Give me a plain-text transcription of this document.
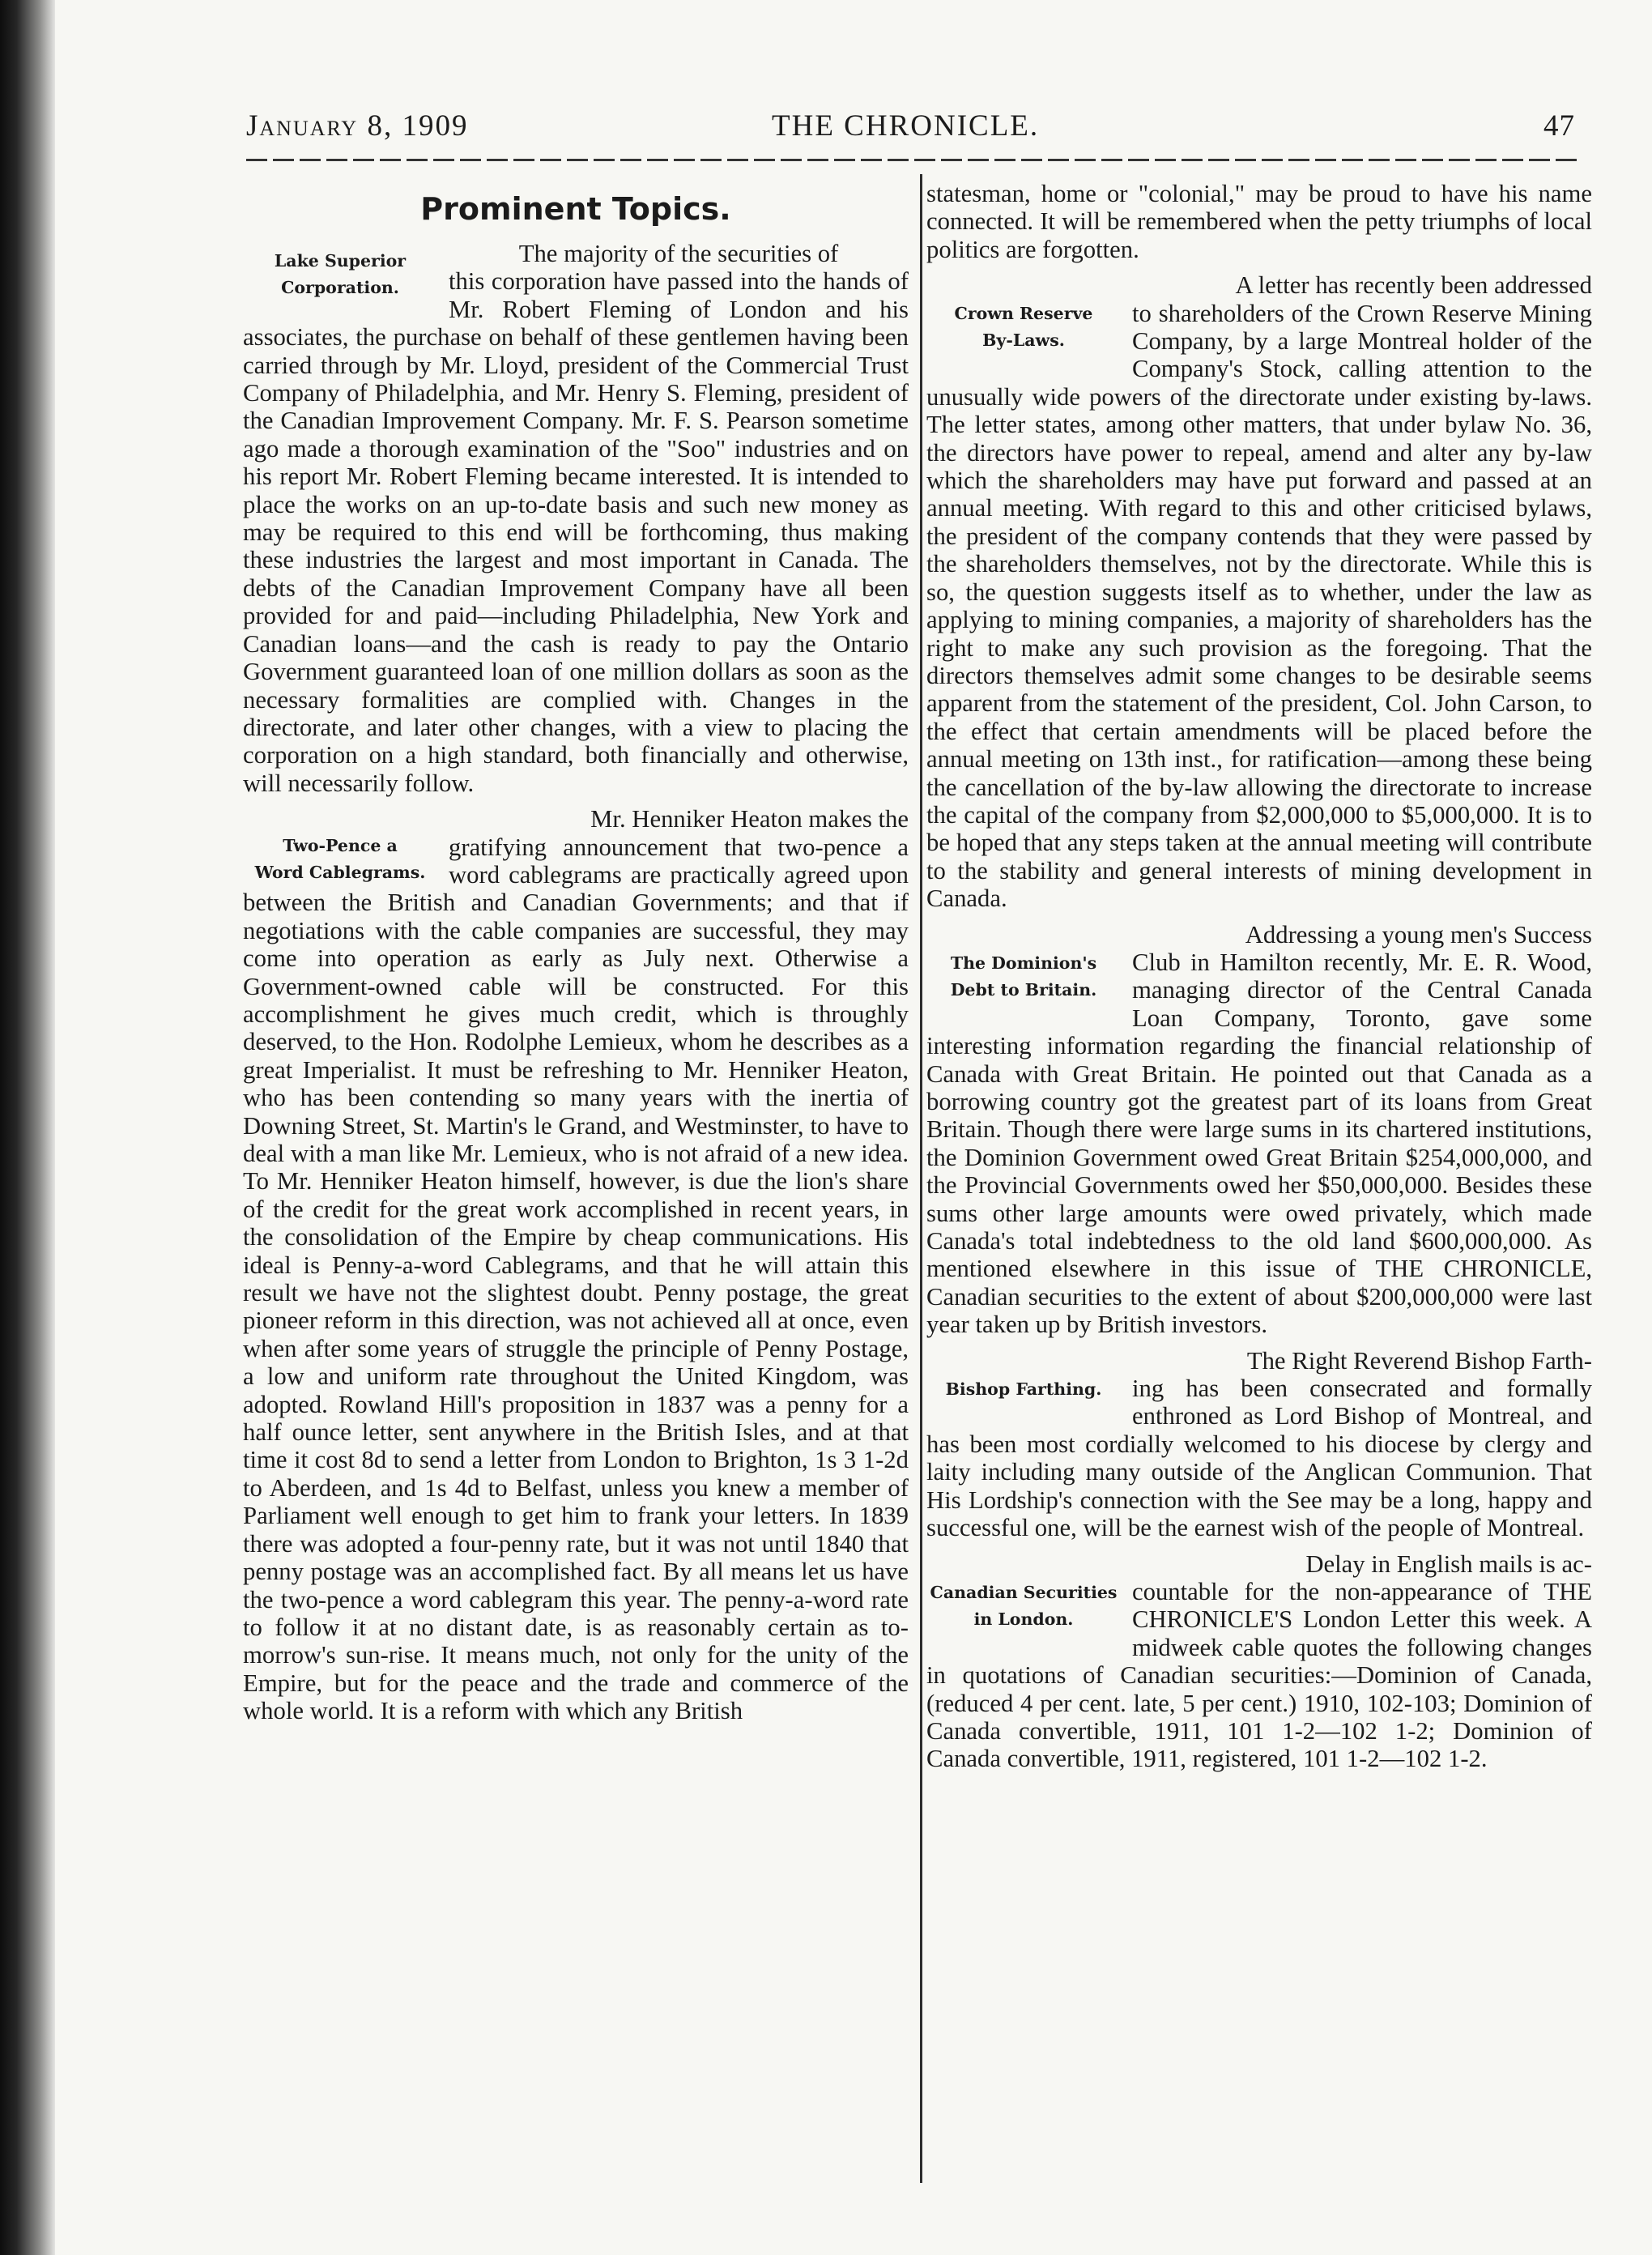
January 8, 1909	THE CHRONICLE.	47
Prominent Topics.
Lake Superior
Corporation.

The majority of the securities of
this corporation have passed into the hands of Mr. Robert Fleming of London and his associates, the purchase on behalf of these gentlemen having been carried through by Mr. Lloyd, president of the Commercial Trust Company of Philadelphia, and Mr. Henry S. Fleming, president of the Canadian Improvement Company. Mr. F. S. Pearson sometime ago made a thorough examination of the "Soo" industries and on his report Mr. Robert Fleming became interested. It is intended to place the works on an up-to-date basis and such new money as may be required to this end will be forthcoming, thus making these industries the largest and most important in Canada. The debts of the Canadian Improvement Company have all been provided for and paid—including Philadelphia, New York and Canadian loans—and the cash is ready to pay the Ontario Government guaranteed loan of one million dollars as soon as the necessary formalities are complied with. Changes in the directorate, and later other changes, with a view to placing the corporation on a high standard, both financially and otherwise, will necessarily follow.

Two-Pence a
Word Cablegrams.

Mr. Henniker Heaton makes the
gratifying announcement that two-pence a word cablegrams are practically agreed upon between the British and Canadian Governments; and that if negotiations with the cable companies are successful, they may come into operation as early as July next. Otherwise a Government-owned cable will be constructed. For this accomplishment he gives much credit, which is throughly deserved, to the Hon. Rodolphe Lemieux, whom he describes as a great Imperialist. It must be refreshing to Mr. Henniker Heaton, who has been contending so many years with the inertia of Downing Street, St. Martin's le Grand, and Westminster, to have to deal with a man like Mr. Lemieux, who is not afraid of a new idea. To Mr. Henniker Heaton himself, however, is due the lion's share of the credit for the great work accomplished in recent years, in the consolidation of the Empire by cheap communications. His ideal is Penny-a-word Cablegrams, and that he will attain this result we have not the slightest doubt. Penny postage, the great pioneer reform in this direction, was not achieved all at once, even when after some years of struggle the principle of Penny Postage, a low and uniform rate throughout the United Kingdom, was adopted. Rowland Hill's proposition in 1837 was a penny for a half ounce letter, sent anywhere in the British Isles, and at that time it cost 8d to send a letter from London to Brighton, 1s 3 1-2d to Aberdeen, and 1s 4d to Belfast, unless you knew a member of Parliament well enough to get him to frank your letters. In 1839 there was adopted a four-penny rate, but it was not until 1840 that penny postage was an accomplished fact. By all means let us have the two-pence a word cablegram this year. The penny-a-word rate to follow it at no distant date, is as reasonably certain as to-morrow's sun-rise. It means much, not only for the unity of the Empire, but for the peace and the trade and commerce of the whole world. It is a reform with which any British

statesman, home or "colonial," may be proud to have his name connected. It will be remembered when the petty triumphs of local politics are forgotten.

Crown Reserve
By-Laws.

A letter has recently been addressed
to shareholders of the Crown Reserve Mining Company, by a large Montreal holder of the Company's Stock, calling attention to the unusually wide powers of the directorate under existing by-laws. The letter states, among other matters, that under bylaw No. 36, the directors have power to repeal, amend and alter any by-law which the shareholders may have put forward and passed at an annual meeting. With regard to this and other criticised bylaws, the president of the company contends that they were passed by the shareholders themselves, not by the directorate. While this is so, the question suggests itself as to whether, under the law as applying to mining companies, a majority of shareholders has the right to make any such provision as the foregoing. That the directors themselves admit some changes to be desirable seems apparent from the statement of the president, Col. John Carson, to the effect that certain amendments will be placed before the annual meeting on 13th inst., for ratification—among these being the cancellation of the by-law allowing the directorate to increase the capital of the company from $2,000,000 to $5,000,000. It is to be hoped that any steps taken at the annual meeting will contribute to the stability and general interests of mining development in Canada.

The Dominion's
Debt to Britain.

Addressing a young men's Success
Club in Hamilton recently, Mr. E. R. Wood, managing director of the Central Canada Loan Company, Toronto, gave some interesting information regarding the financial relationship of Canada with Great Britain. He pointed out that Canada as a borrowing country got the greatest part of its loans from Great Britain. Though there were large sums in its chartered institutions, the Dominion Government owed Great Britain $254,000,000, and the Provincial Governments owed her $50,000,000. Besides these sums other large amounts were owed privately, which made Canada's total indebtedness to the old land $600,000,000. As mentioned elsewhere in this issue of THE CHRONICLE, Canadian securities to the extent of about $200,000,000 were last year taken up by British investors.

Bishop Farthing.

The Right Reverend Bishop Farth-
ing has been consecrated and formally enthroned as Lord Bishop of Montreal, and has been most cordially welcomed to his diocese by clergy and laity including many outside of the Anglican Communion. That His Lordship's connection with the See may be a long, happy and successful one, will be the earnest wish of the people of Montreal.

Canadian Securities
in London.

Delay in English mails is ac-
countable for the non-appearance of THE CHRONICLE'S London Letter this week. A midweek cable quotes the following changes in quotations of Canadian securities:—Dominion of Canada, (reduced 4 per cent. late, 5 per cent.) 1910, 102-103; Dominion of Canada convertible, 1911, 101 1-2—102 1-2; Dominion of Canada convertible, 1911, registered, 101 1-2—102 1-2.
